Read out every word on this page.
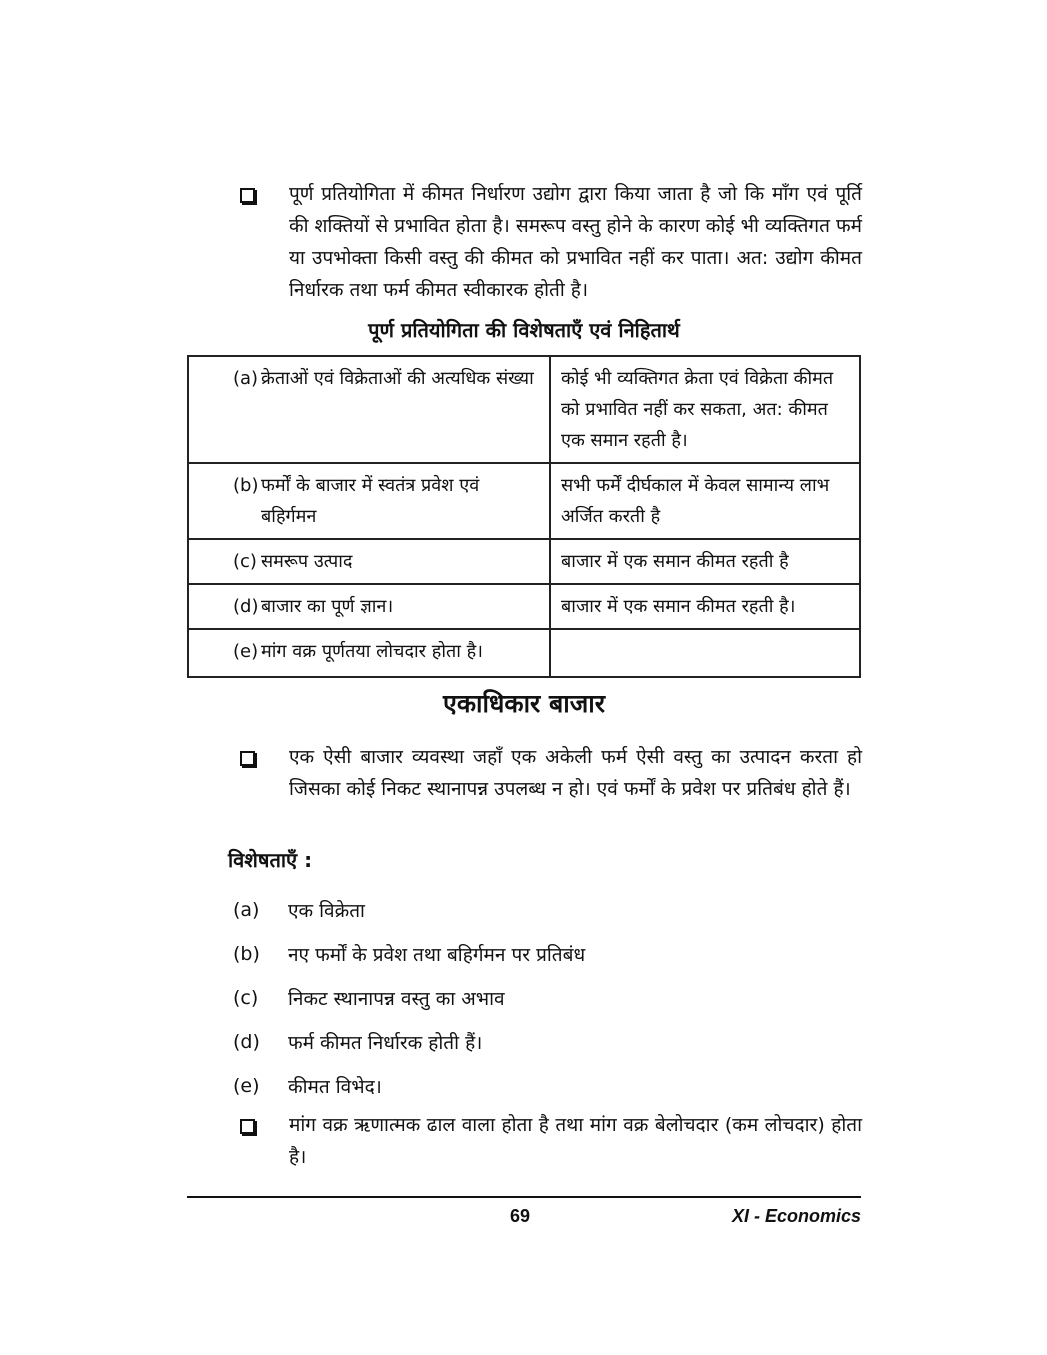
पूर्ण प्रतियोगिता में कीमत निर्धारण उद्योग द्वारा किया जाता है जो कि माँग एवं पूर्ति की शक्तियों से प्रभावित होता है। समरूप वस्तु होने के कारण कोई भी व्यक्तिगत फर्म या उपभोक्ता किसी वस्तु की कीमत को प्रभावित नहीं कर पाता। अत: उद्योग कीमत निर्धारक तथा फर्म कीमत स्वीकारक होती है।
पूर्ण प्रतियोगिता की विशेषताएँ एवं निहितार्थ
(a) क्रेताओं एवं विक्रेताओं की अत्यधिक संख्या	कोई भी व्यक्तिगत क्रेता एवं विक्रेता कीमत को प्रभावित नहीं कर सकता, अत: कीमत एक समान रहती है।

(b) फर्मों के बाजार में स्वतंत्र प्रवेश एवं बहिर्गमन	सभी फर्में दीर्घकाल में केवल सामान्य लाभ अर्जित करती है

(c) समरूप उत्पाद	बाजार में एक समान कीमत रहती है

(d) बाजार का पूर्ण ज्ञान।	बाजार में एक समान कीमत रहती है।

(e) मांग वक्र पूर्णतया लोचदार होता है।	

एकाधिकार बाजार
एक ऐसी बाजार व्यवस्था जहाँ एक अकेली फर्म ऐसी वस्तु का उत्पादन करता हो जिसका कोई निकट स्थानापन्न उपलब्ध न हो। एवं फर्मों के प्रवेश पर प्रतिबंध होते हैं।
विशेषताएँ :
(a)	एक विक्रेता
(b)	नए फर्मों के प्रवेश तथा बहिर्गमन पर प्रतिबंध
(c)	निकट स्थानापन्न वस्तु का अभाव
(d)	फर्म कीमत निर्धारक होती हैं।
(e)	कीमत विभेद।
मांग वक्र ऋणात्मक ढाल वाला होता है तथा मांग वक्र बेलोचदार (कम लोचदार) होता है।
69	XI - Economics
